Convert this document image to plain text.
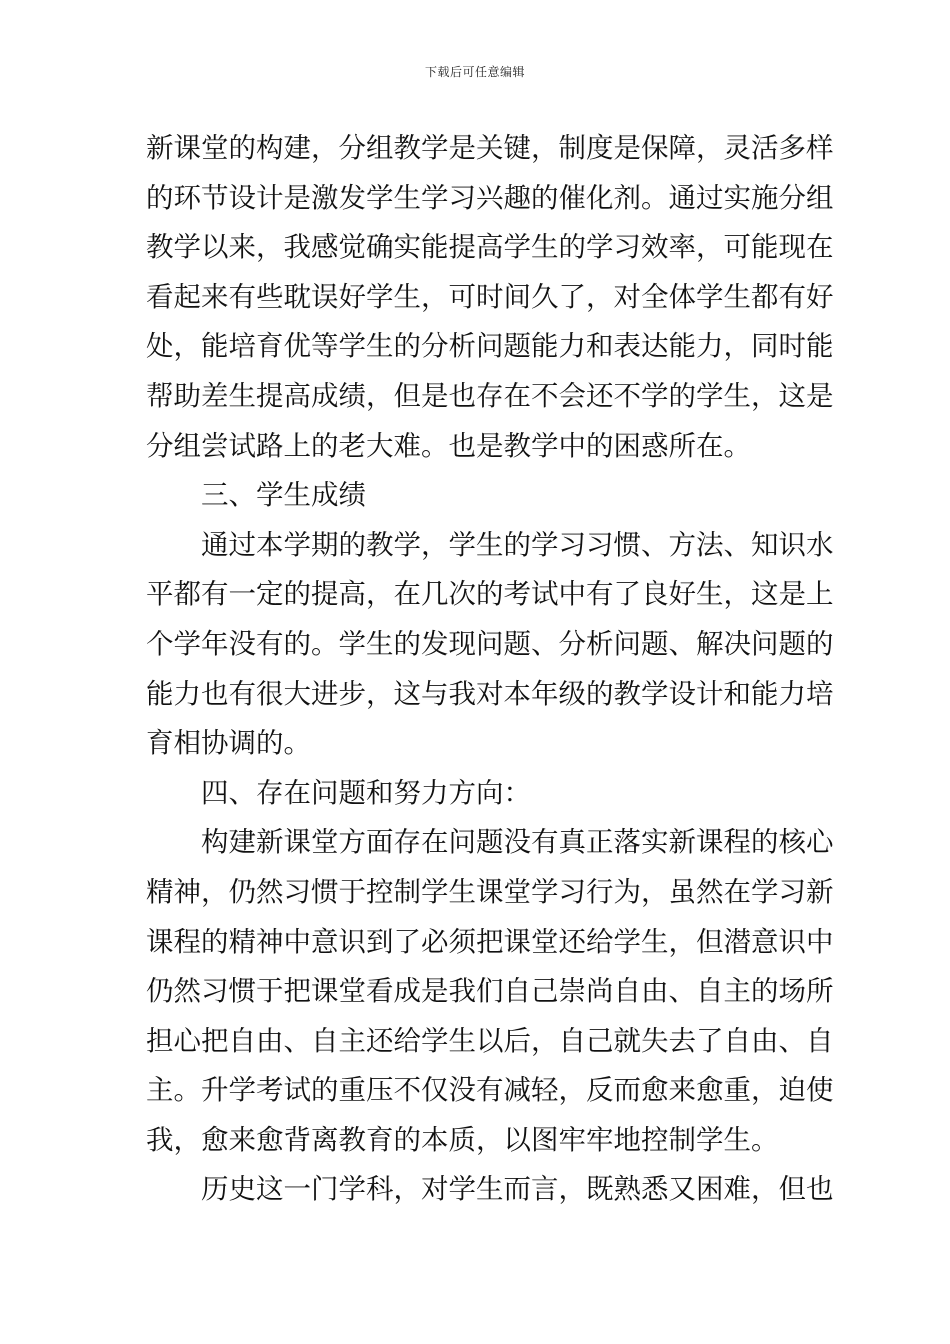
下载后可任意编辑
新课堂的构建，分组教学是关键，制度是保障，灵活多样
的环节设计是激发学生学习兴趣的催化剂。通过实施分组
教学以来，我感觉确实能提高学生的学习效率，可能现在
看起来有些耽误好学生，可时间久了，对全体学生都有好
处，能培育优等学生的分析问题能力和表达能力，同时能
帮助差生提高成绩，但是也存在不会还不学的学生，这是
分组尝试路上的老大难。也是教学中的困惑所在。
三、学生成绩
通过本学期的教学，学生的学习习惯、方法、知识水
平都有一定的提高，在几次的考试中有了良好生，这是上
个学年没有的。学生的发现问题、分析问题、解决问题的
能力也有很大进步，这与我对本年级的教学设计和能力培
育相协调的。
四、存在问题和努力方向：
构建新课堂方面存在问题没有真正落实新课程的核心
精神，仍然习惯于控制学生课堂学习行为，虽然在学习新
课程的精神中意识到了必须把课堂还给学生，但潜意识中
仍然习惯于把课堂看成是我们自己崇尚自由、自主的场所
担心把自由、自主还给学生以后，自己就失去了自由、自
主。升学考试的重压不仅没有减轻，反而愈来愈重，迫使
我，愈来愈背离教育的本质，以图牢牢地控制学生。
历史这一门学科，对学生而言，既熟悉又困难，但也
